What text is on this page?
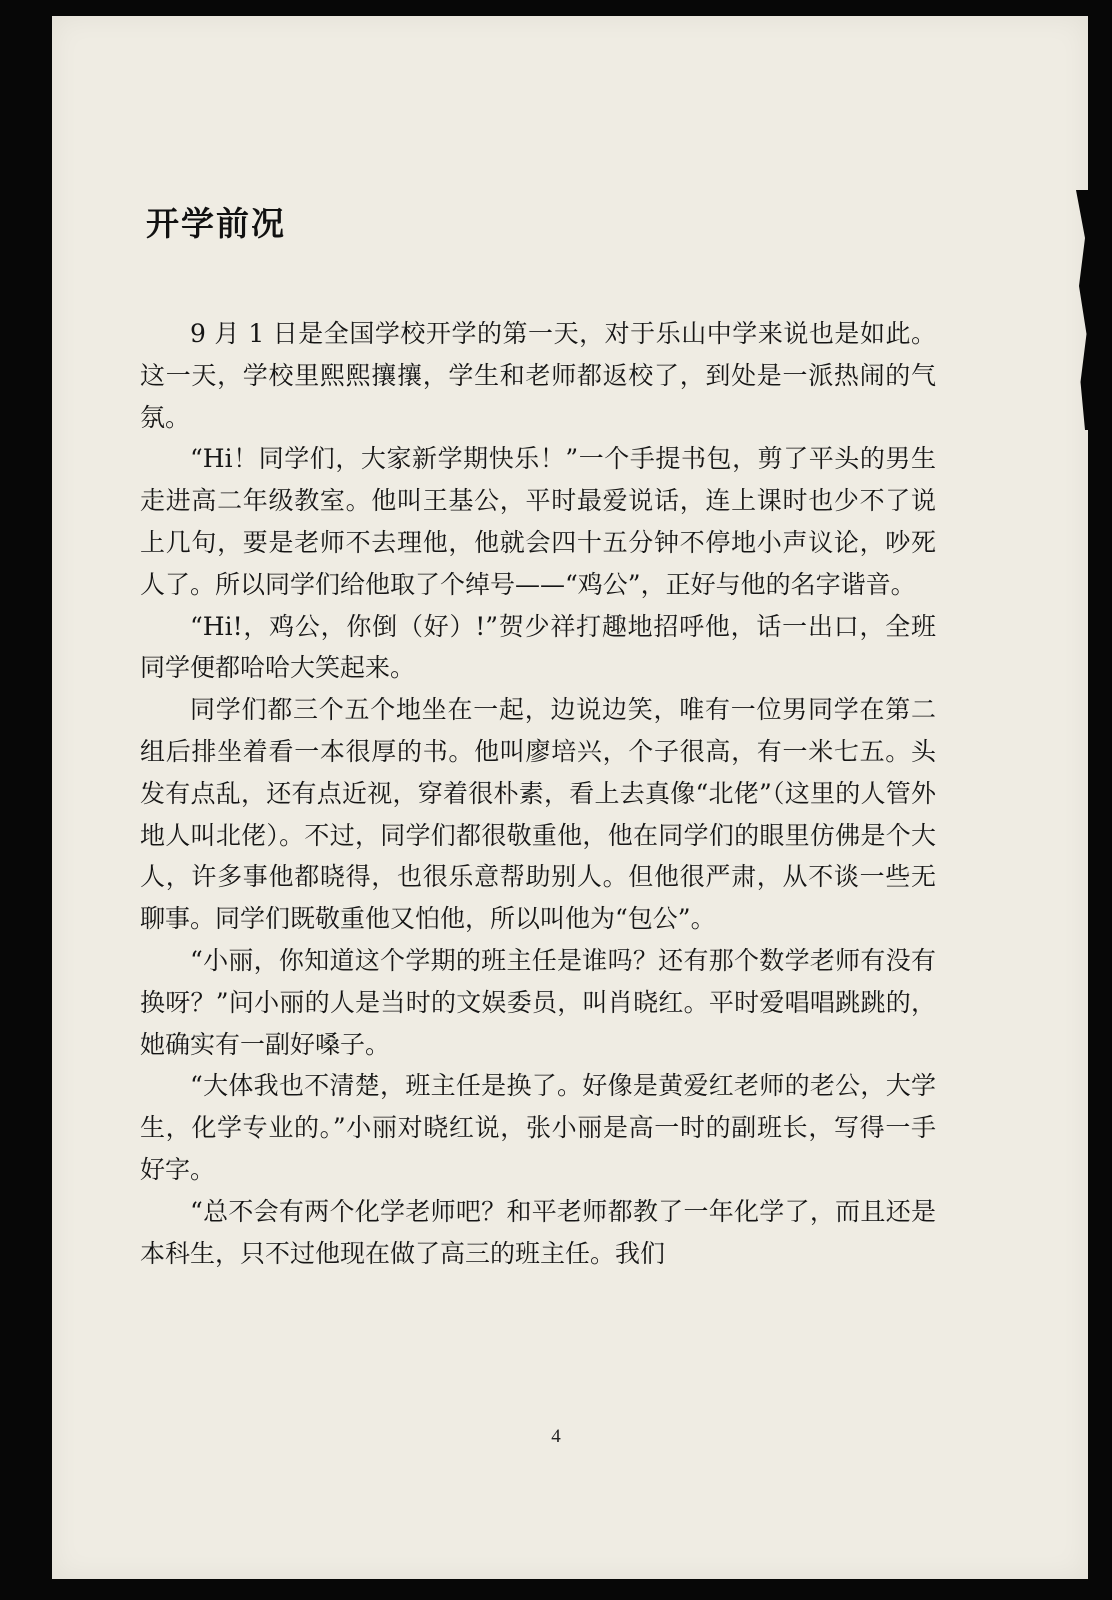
开学前况

9 月 1 日是全国学校开学的第一天，对于乐山中学来说也是如此。这一天，学校里熙熙攘攘，学生和老师都返校了，到处是一派热闹的气氛。

“Hi！同学们，大家新学期快乐！”一个手提书包，剪了平头的男生走进高二年级教室。他叫王基公，平时最爱说话，连上课时也少不了说上几句，要是老师不去理他，他就会四十五分钟不停地小声议论，吵死人了。所以同学们给他取了个绰号——“鸡公”，正好与他的名字谐音。

“Hi!，鸡公，你倒（好）!”贺少祥打趣地招呼他，话一出口，全班同学便都哈哈大笑起来。

同学们都三个五个地坐在一起，边说边笑，唯有一位男同学在第二组后排坐着看一本很厚的书。他叫廖培兴，个子很高，有一米七五。头发有点乱，还有点近视，穿着很朴素，看上去真像“北佬”（这里的人管外地人叫北佬）。不过，同学们都很敬重他，他在同学们的眼里仿佛是个大人，许多事他都晓得，也很乐意帮助别人。但他很严肃，从不谈一些无聊事。同学们既敬重他又怕他，所以叫他为“包公”。

“小丽，你知道这个学期的班主任是谁吗？还有那个数学老师有没有换呀？”问小丽的人是当时的文娱委员，叫肖晓红。平时爱唱唱跳跳的，她确实有一副好嗓子。

“大体我也不清楚，班主任是换了。好像是黄爱红老师的老公，大学生，化学专业的。”小丽对晓红说，张小丽是高一时的副班长，写得一手好字。

“总不会有两个化学老师吧？和平老师都教了一年化学了，而且还是本科生，只不过他现在做了高三的班主任。我们

4
